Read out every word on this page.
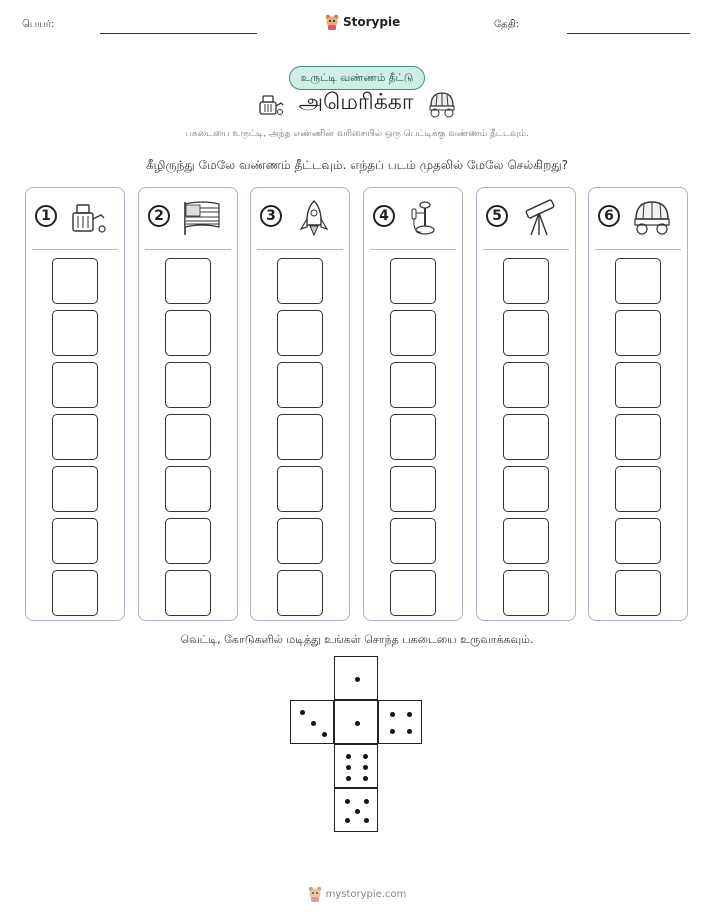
பெயர்:	Storypie	தேதி:
உருட்டி வண்ணம் தீட்டு
அமெரிக்கா
பகடையை உருட்டி, அந்த எண்ணின் வரிசையில் ஒரு பெட்டிக்கு வண்ணம் தீட்டவும்.
கீழிருந்து மேலே வண்ணம் தீட்டவும். எந்தப் படம் முதலில் மேலே செல்கிறது?
1	2	3	4	5	6
வெட்டி, கோடுகளில் மடித்து உங்கள் சொந்த பகடையை உருவாக்கவும்.
mystorypie.com
